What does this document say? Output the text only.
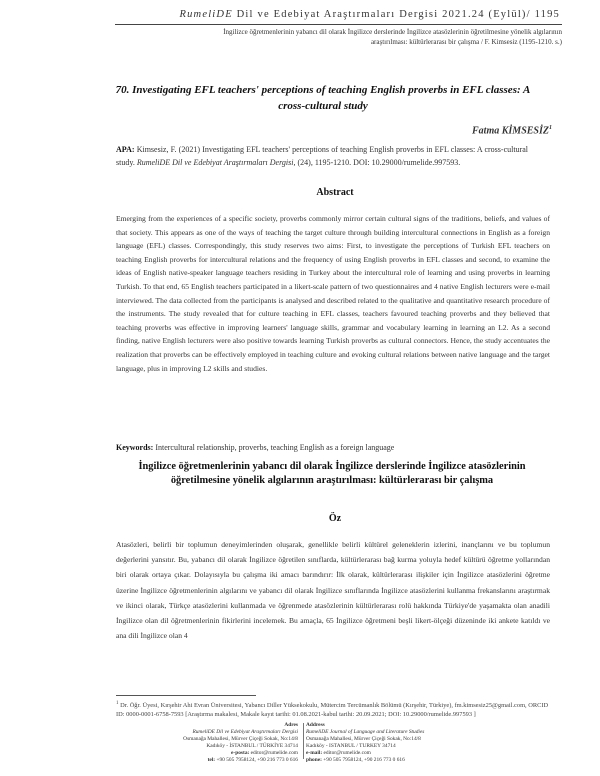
RumeliDE Dil ve Edebiyat Araştırmaları Dergisi 2021.24 (Eylül)/ 1195
İngilizce öğretmenlerinin yabancı dil olarak İngilizce derslerinde İngilizce atasözlerinin öğretilmesine yönelik algılarının
araştırılması: kültürlerarası bir çalışma / F. Kimsesiz (1195-1210. s.)
70. Investigating EFL teachers' perceptions of teaching English proverbs in EFL classes: A cross-cultural study
Fatma KİMSESİZ$^1$
APA: Kimsesiz, F. (2021) Investigating EFL teachers' perceptions of teaching English proverbs in EFL classes: A cross-cultural study. RumeliDE Dil ve Edebiyat Araştırmaları Dergisi, (24), 1195-1210. DOI: 10.29000/rumelide.997593.
Abstract
Emerging from the experiences of a specific society, proverbs commonly mirror certain cultural signs of the traditions, beliefs, and values of that society. This appears as one of the ways of teaching the target culture through building intercultural connections in English as a foreign language (EFL) classes. Correspondingly, this study reserves two aims: First, to investigate the perceptions of Turkish EFL teachers on teaching English proverbs for intercultural relations and the frequency of using English proverbs in EFL classes and second, to examine the ideas of English native-speaker language teachers residing in Turkey about the intercultural role of learning and using proverbs in learning Turkish. To that end, 65 English teachers participated in a likert-scale pattern of two questionnaires and 4 native English lecturers were e-mail interviewed. The data collected from the participants is analysed and described related to the qualitative and quantitative research procedure of the instruments. The study revealed that for culture teaching in EFL classes, teachers favoured teaching proverbs and they believed that teaching proverbs was effective in improving learners' language skills, grammar and vocabulary learning in learning an L2. As a second finding, native English lecturers were also positive towards learning Turkish proverbs as cultural connectors. Hence, the study accentuates the realization that proverbs can be effectively employed in teaching culture and evoking cultural relations between native language and the target language, plus in improving L2 skills and studies.
Keywords: Intercultural relationship, proverbs, teaching English as a foreign language
İngilizce öğretmenlerinin yabancı dil olarak İngilizce derslerinde İngilizce atasözlerinin öğretilmesine yönelik algılarının araştırılması: kültürlerarası bir çalışma
Öz
Atasözleri, belirli bir toplumun deneyimlerinden oluşarak, genellikle belirli kültürel geleneklerin izlerini, inançlarını ve bu toplumun değerlerini yansıtır. Bu, yabancı dil olarak İngilizce öğretilen sınıflarda, kültürlerarası bağ kurma yoluyla hedef kültürü öğretme yollarından biri olarak ortaya çıkar. Dolayısıyla bu çalışma iki amacı barındırır: İlk olarak, kültürlerarası ilişkiler için İngilizce atasözlerini öğretme üzerine İngilizce öğretmenlerinin algılarını ve yabancı dil olarak İngilizce sınıflarında İngilizce atasözlerini kullanma frekanslarını araştırmak ve ikinci olarak, Türkçe atasözlerini kullanmada ve öğrenmede atasözlerinin kültürlerarası rolü hakkında Türkiye'de yaşamakta olan anadili İngilizce olan dil öğretmenlerinin fikirlerini incelemek. Bu amaçla, 65 İngilizce öğretmeni beşli likert-ölçeği düzeninde iki ankete katıldı ve ana dili İngilizce olan 4
$^1$ Dr. Öğr. Üyesi, Kırşehir Ahi Evran Üniversitesi, Yabancı Diller Yüksekokulu, Mütercim Tercümanlık Bölümü (Kırşehir, Türkiye), fm.kimsesiz25@gmail.com, ORCID ID: 0000-0001-6758-7593 [Araştırma makalesi, Makale kayıt tarihi: 01.08.2021-kabul tarihi: 20.09.2021; DOI: 10.29000/rumelide.997593 ]
Adres
RumeliDE Dil ve Edebiyat Araştırmaları Dergisi
Osmanağa Mahallesi, Mürver Çiçeği Sokak, No:14/8
Kadıköy - İSTANBUL / TÜRKİYE 34714
e-posta: editor@rumelide.com
tel: +90 505 7958124, +90 216 773 0 616
Address
RumeliDE Journal of Language and Literature Studies
Osmanağa Mahallesi, Mürver Çiçeği Sokak, No:14/8
Kadıköy - ISTANBUL / TURKEY 34714
e-mail: editor@rumelide.com
phone: +90 505 7958124, +90 216 773 0 616
